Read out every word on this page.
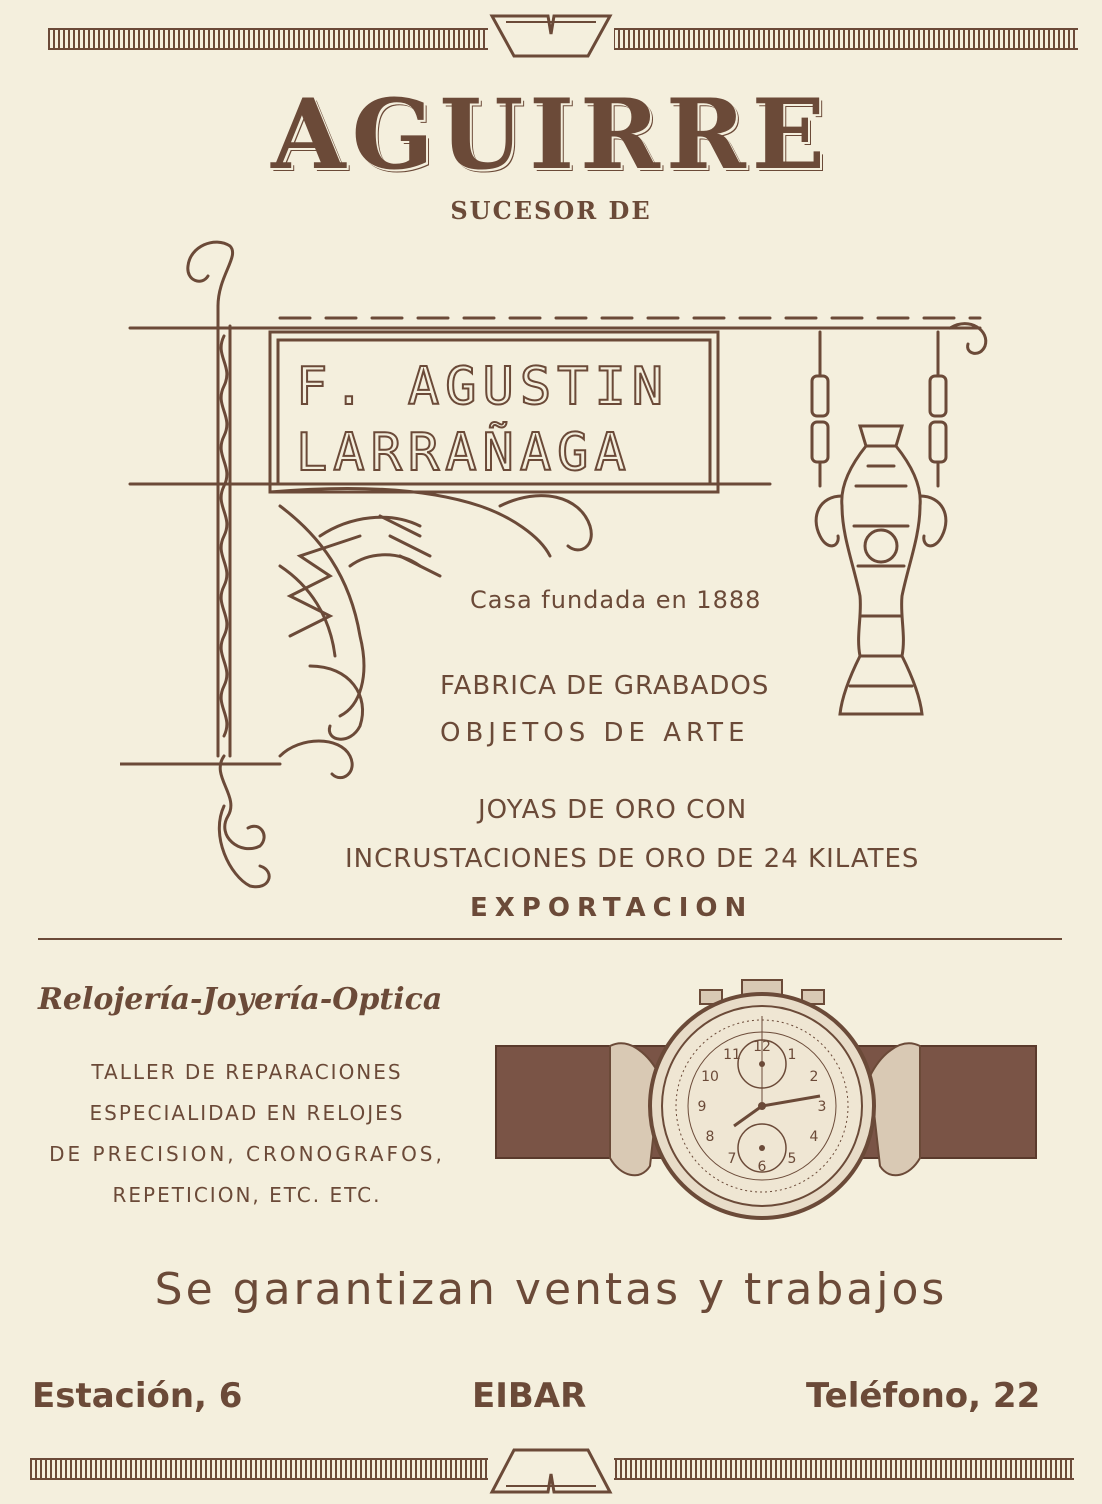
AGUIRRE
SUCESOR DE
F. AGUSTIN
LARRAÑAGA
Casa fundada en 1888
FABRICA DE GRABADOS
OBJETOS DE ARTE
JOYAS DE ORO CON
INCRUSTACIONES DE ORO DE 24 KILATES
EXPORTACION
Relojería-Joyería-Optica
TALLER DE REPARACIONES
ESPECIALIDAD EN RELOJES
DE PRECISION, CRONOGRAFOS,
REPETICION, ETC. ETC.
12 1
2
3
4
5
6
7
8
9
10
11
Se garantizan ventas y trabajos
Estación, 6	EIBAR	Teléfono, 22
